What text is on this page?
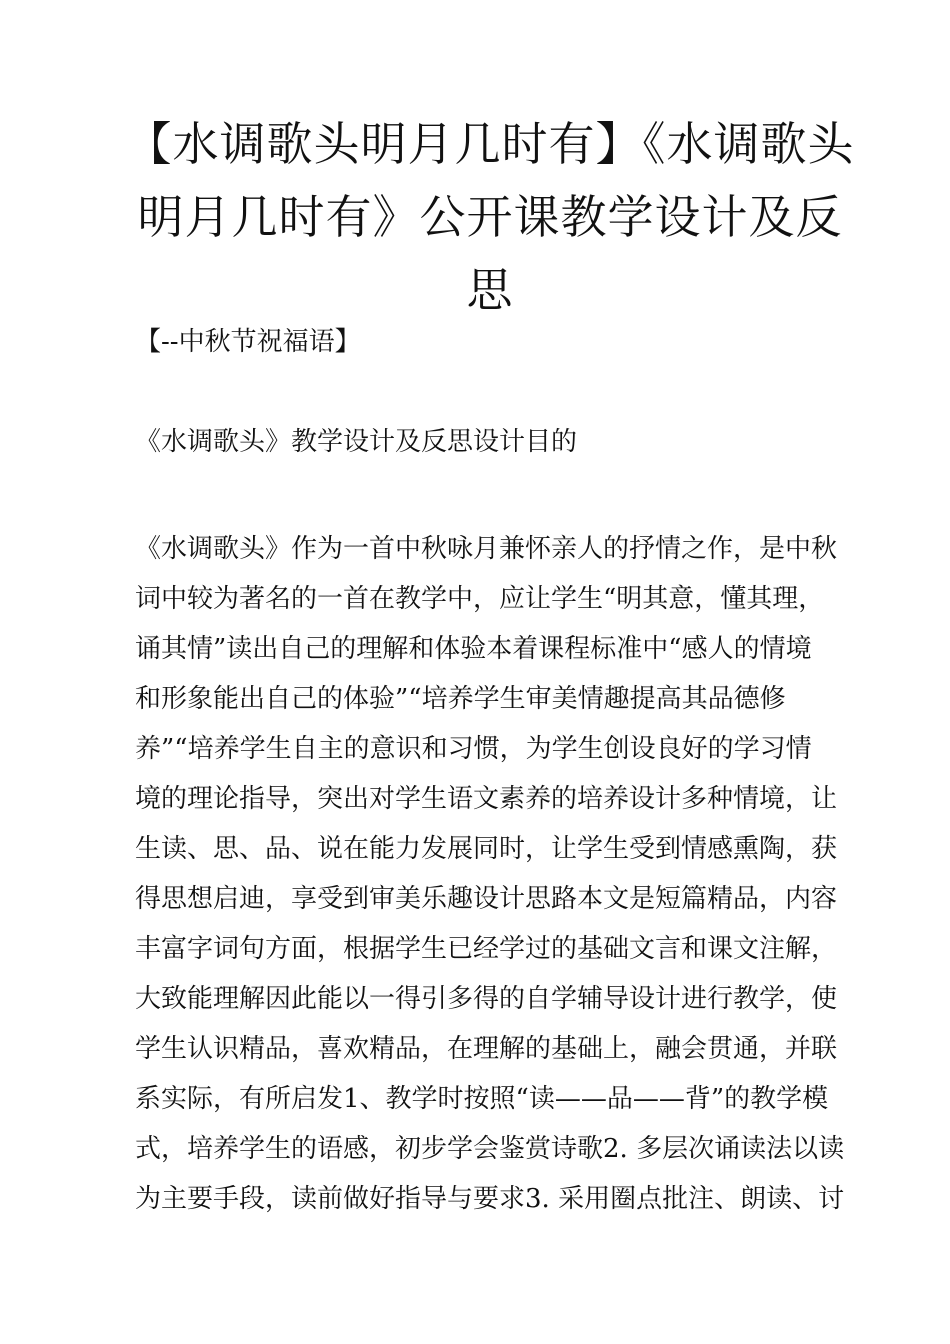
【水调歌头明月几时有】《水调歌头
明月几时有》公开课教学设计及反思

【--中秋节祝福语】

《水调歌头》教学设计及反思设计目的

《水调歌头》作为一首中秋咏月兼怀亲人的抒情之作，是中秋
词中较为著名的一首在教学中，应让学生“明其意，懂其理，
诵其情”读出自己的理解和体验本着课程标准中“感人的情境
和形象能出自己的体验”“培养学生审美情趣提高其品德修
养”“培养学生自主的意识和习惯，为学生创设良好的学习情
境的理论指导，突出对学生语文素养的培养设计多种情境，让
生读、思、品、说在能力发展同时，让学生受到情感熏陶，获
得思想启迪，享受到审美乐趣设计思路本文是短篇精品，内容
丰富字词句方面，根据学生已经学过的基础文言和课文注解，
大致能理解因此能以一得引多得的自学辅导设计进行教学，使
学生认识精品，喜欢精品，在理解的基础上，融会贯通，并联
系实际，有所启发1、教学时按照“读——品——背”的教学模
式，培养学生的语感，初步学会鉴赏诗歌2. 多层次诵读法以读
为主要手段，读前做好指导与要求3. 采用圈点批注、朗读、讨
